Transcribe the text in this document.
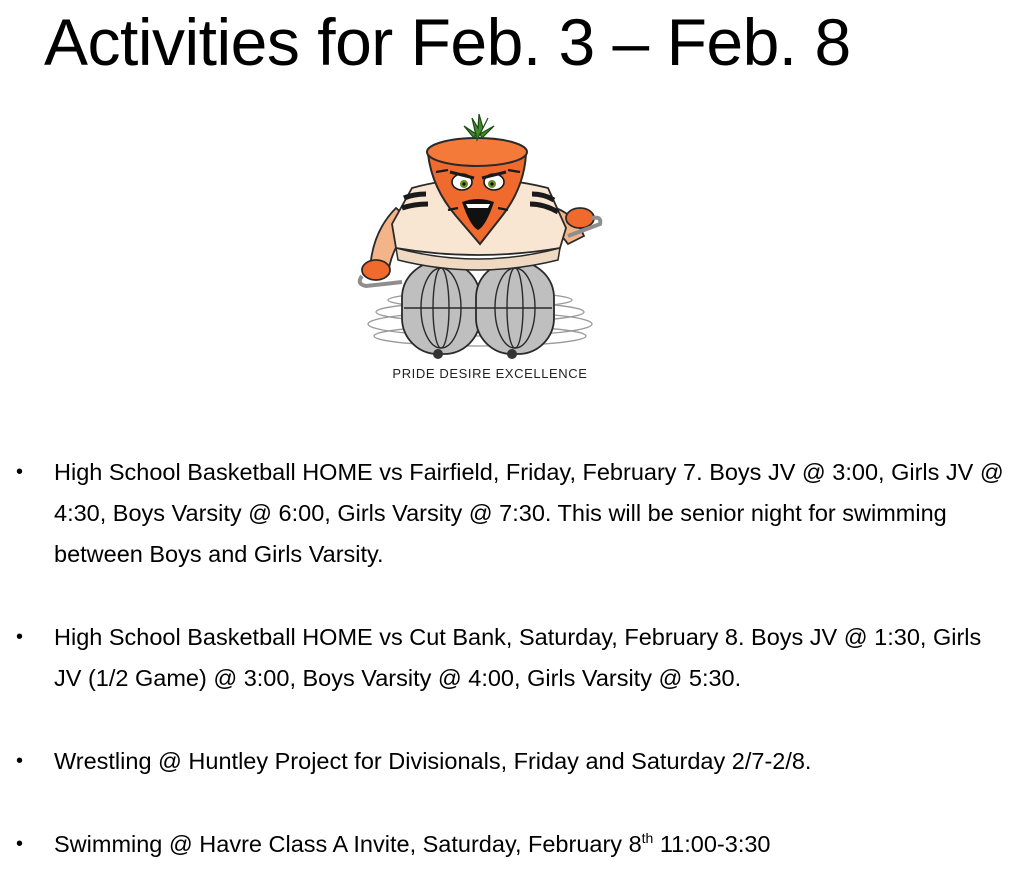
Activities for Feb. 3 – Feb. 8
PRIDE DESIRE EXCELLENCE
• High School Basketball HOME vs Fairfield, Friday, February 7. Boys JV @ 3:00, Girls JV @ 4:30, Boys Varsity @ 6:00, Girls Varsity @ 7:30. This will be senior night for swimming between Boys and Girls Varsity.
• High School Basketball HOME vs Cut Bank, Saturday, February 8. Boys JV @ 1:30, Girls JV (1/2 Game) @ 3:00, Boys Varsity @ 4:00, Girls Varsity @ 5:30.
• Wrestling @ Huntley Project for Divisionals, Friday and Saturday 2/7-2/8.
• Swimming @ Havre Class A Invite, Saturday, February 8th 11:00-3:30
